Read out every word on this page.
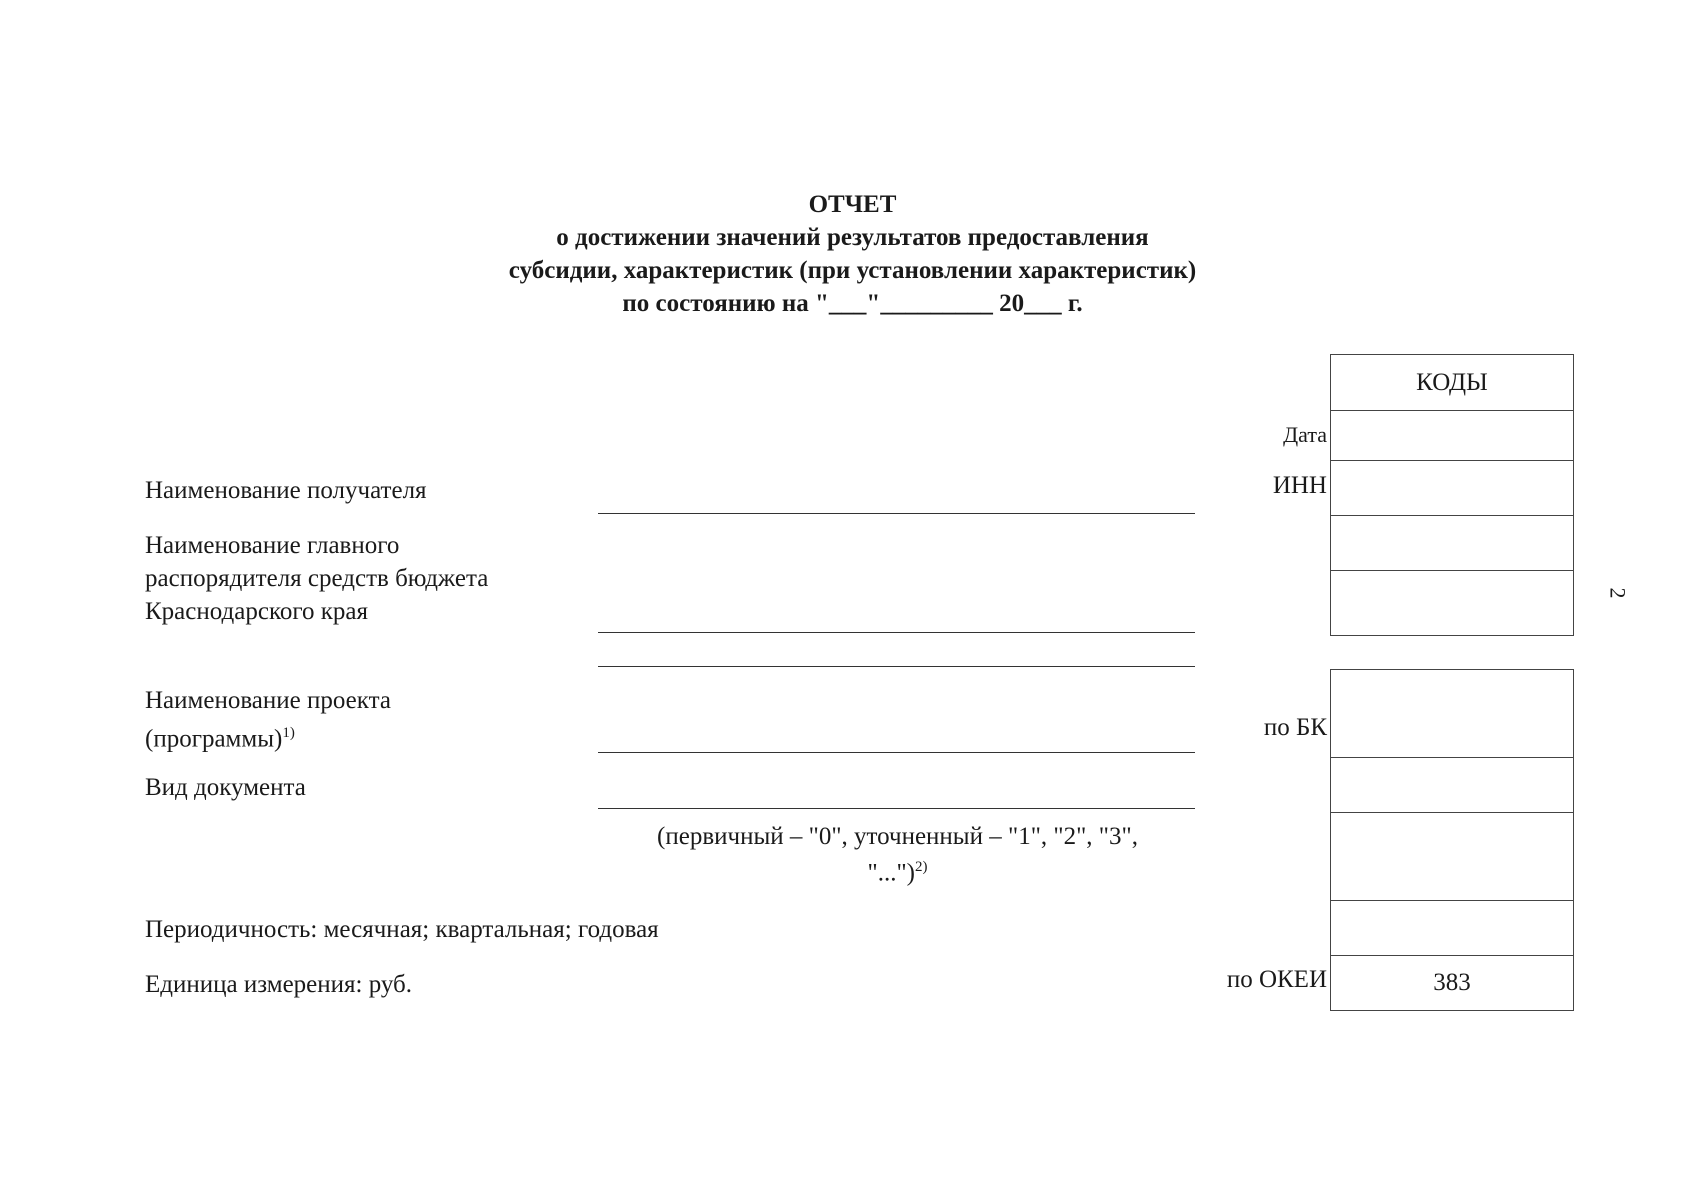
ОТЧЕТ
о достижении значений результатов предоставления
субсидии, характеристик (при установлении характеристик)
по состоянию на "___"_________ 20___ г.
Наименование получателя
Наименование главного
распорядителя средств бюджета
Краснодарского края
Наименование проекта
(программы)$^{1)}$
Вид документа
Периодичность: месячная; квартальная; годовая
Единица измерения: руб.
(первичный – "0", уточненный – "1", "2", "3",
"...")$^{2)}$
Дата
ИНН
по БК
по ОКЕИ
КОДЫ
383
2
